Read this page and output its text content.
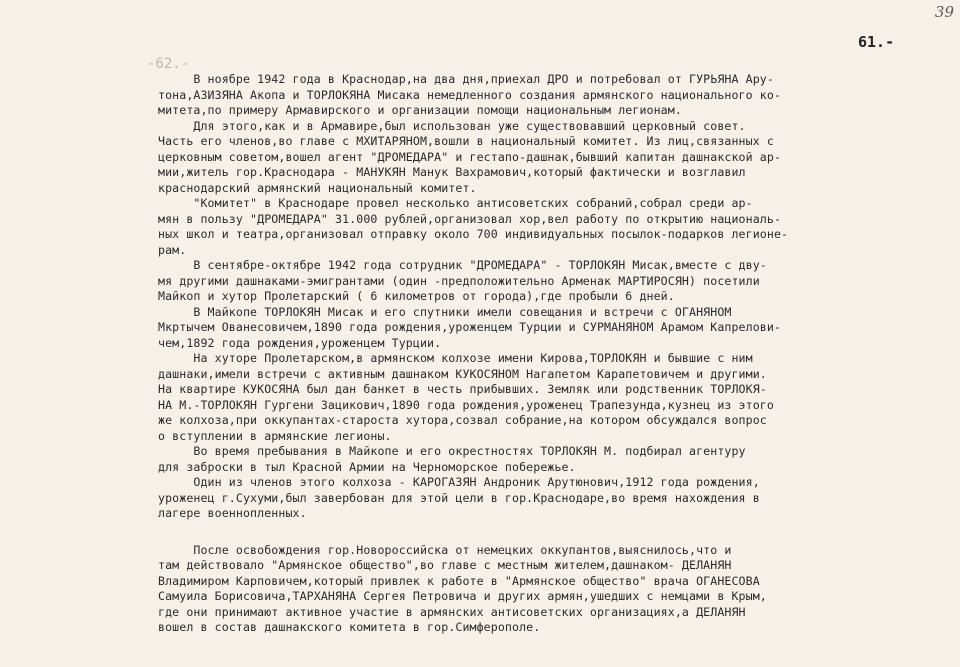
39
61.-
-62.-

В ноябре 1942 года в Краснодар,на два дня,приехал ДРО и потребовал от ГУРЬЯНА Ару-

тона,АЗИЗЯНА Акопа и ТОРЛОКЯНА Мисака немедленного создания армянского национального ко-

митета,по примеру Армавирского и организации помощи национальным легионам.

Для этого,как и в Армавире,был использован уже существовавший церковный совет.

Часть его членов,во главе с МХИТАРЯНОМ,вошли в национальный комитет. Из лиц,связанных с

церковным советом,вошел агент "ДРОМЕДАРА" и гестапо-дашнак,бывший капитан дашнакской ар-

мии,житель гор.Краснодара - МАНУКЯН Манук Вахрамович,который фактически и возглавил

краснодарский армянский национальный комитет.

"Комитет" в Краснодаре провел несколько антисоветских собраний,собрал среди ар-

мян в пользу "ДРОМЕДАРА" 31.000 рублей,организовал хор,вел работу по открытию националь-

ных школ и театра,организовал отправку около 700 индивидуальных посылок-подарков легионе-

рам.

В сентябре-октябре 1942 года сотрудник "ДРОМЕДАРА" - ТОРЛОКЯН Мисак,вместе с дву-

мя другими дашнаками-эмигрантами (один -предположительно Арменак МАРТИРОСЯН) посетили

Майкоп и хутор Пролетарский ( 6 километров от города),где пробыли 6 дней.

В Майкопе ТОРЛОКЯН Мисак и его спутники имели совещания и встречи с ОГАНЯНОМ

Мкртычем Ованесовичем,1890 года рождения,уроженцем Турции и СУРМАНЯНОМ Арамом Капрелови-

чем,1892 года рождения,уроженцем Турции.

На хуторе Пролетарском,в армянском колхозе имени Кирова,ТОРЛОКЯН и бывшие с ним

дашнаки,имели встречи с активным дашнаком КУКОСЯНОМ Нагапетом Карапетовичем и другими.

На квартире КУКОСЯНА был дан банкет в честь прибывших. Земляк или родственник ТОРЛОКЯ-

НА М.-ТОРЛОКЯН Гургени Зацикович,1890 года рождения,уроженец Трапезунда,кузнец из этого

же колхоза,при оккупантах-староста хутора,созвал собрание,на котором обсуждался вопрос

о вступлении в армянские легионы.

Во время пребывания в Майкопе и его окрестностях ТОРЛОКЯН М. подбирал агентуру

для заброски в тыл Красной Армии на Черноморское побережье.

Один из членов этого колхоза - КАРОГАЗЯН Андроник Арутюнович,1912 года рождения,

уроженец г.Сухуми,был завербован для этой цели в гор.Краснодаре,во время нахождения в

лагере военнопленных.

После освобождения гор.Новороссийска от немецких оккупантов,выяснилось,что и

там действовало "Армянское общество",во главе с местным жителем,дашнаком- ДЕЛАНЯН

Владимиром Карповичем,который привлек к работе в "Армянское общество" врача ОГАНЕСОВА

Самуила Борисовича,ТАРХАНЯНА Сергея Петровича и других армян,ушедших с немцами в Крым,

где они принимают активное участие в армянских антисоветских организациях,а ДЕЛАНЯН

вошел в состав дашнакского комитета в гор.Симферополе.
